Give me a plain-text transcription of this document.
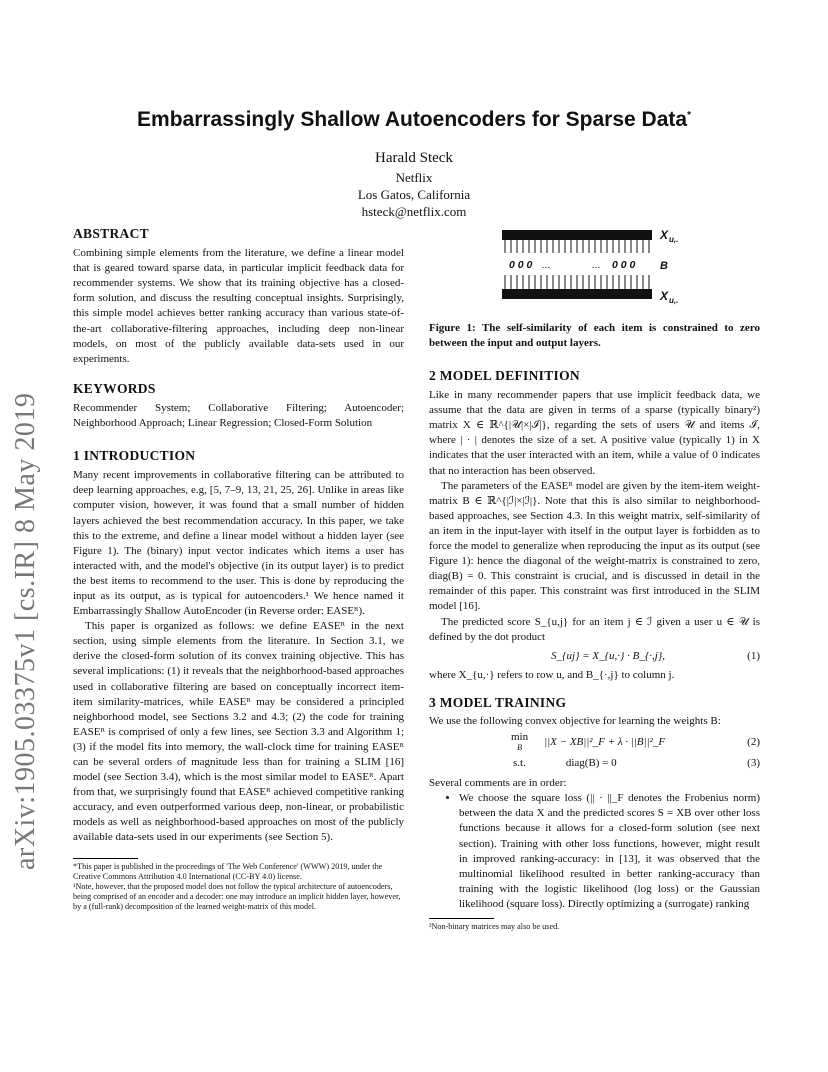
arXiv:1905.03375v1 [cs.IR] 8 May 2019
Embarrassingly Shallow Autoencoders for Sparse Data*
Harald Steck
Netflix
Los Gatos, California
hsteck@netflix.com
ABSTRACT

Combining simple elements from the literature, we define a linear model that is geared toward sparse data, in particular implicit feedback data for recommender systems. We show that its training objective has a closed-form solution, and discuss the resulting conceptual insights. Surprisingly, this simple model achieves better ranking accuracy than various state-of-the-art collaborative-filtering approaches, including deep non-linear models, on most of the publicly available data-sets used in our experiments.

KEYWORDS

Recommender System; Collaborative Filtering; Autoencoder; Neighborhood Approach; Linear Regression; Closed-Form Solution

1 INTRODUCTION

Many recent improvements in collaborative filtering can be attributed to deep learning approaches, e.g, [5, 7–9, 13, 21, 25, 26]. Unlike in areas like computer vision, however, it was found that a small number of hidden layers achieved the best recommendation accuracy. In this paper, we take this to the extreme, and define a linear model without a hidden layer (see Figure 1). The (binary) input vector indicates which items a user has interacted with, and the model's objective (in its output layer) is to predict the best items to recommend to the user. This is done by reproducing the input as its output, as is typical for autoencoders.¹ We hence named it Embarrassingly Shallow AutoEncoder (in Reverse order: EASEᴿ).

This paper is organized as follows: we define EASEᴿ in the next section, using simple elements from the literature. In Section 3.1, we derive the closed-form solution of its convex training objective. This has several implications: (1) it reveals that the neighborhood-based approaches used in collaborative filtering are based on conceptually incorrect item-item similarity-matrices, while EASEᴿ may be considered a principled neighborhood model, see Sections 3.2 and 4.3; (2) the code for training EASEᴿ is comprised of only a few lines, see Section 3.3 and Algorithm 1; (3) if the model fits into memory, the wall-clock time for training EASEᴿ can be several orders of magnitude less than for training a SLIM [16] model (see Section 3.4), which is the most similar model to EASEᴿ. Apart from that, we surprisingly found that EASEᴿ achieved competitive ranking accuracy, and even outperformed various deep, non-linear, or probabilistic models as well as neighborhood-based approaches on most of the publicly available data-sets used in our experiments (see Section 5).

*This paper is published in the proceedings of 'The Web Conference' (WWW) 2019, under the Creative Commons Attribution 4.0 International (CC-BY 4.0) license.

¹Note, however, that the proposed model does not follow the typical architecture of autoencoders, being comprised of an encoder and a decoder: one may introduce an implicit hidden layer, however, by a (full-rank) decomposition of the learned weight-matrix of this model.

0 0 0 ...	... 0 0 0
X u,.
B
X u,.

Figure 1: The self-similarity of each item is constrained to zero between the input and output layers.

2 MODEL DEFINITION

Like in many recommender papers that use implicit feedback data, we assume that the data are given in terms of a sparse (typically binary²) matrix X ∈ ℝ^{|𝒰|×|ℐ|}, regarding the sets of users 𝒰 and items ℐ, where | · | denotes the size of a set. A positive value (typically 1) in X indicates that the user interacted with an item, while a value of 0 indicates that no interaction has been observed.

The parameters of the EASEᴿ model are given by the item-item weight-matrix B ∈ ℝ^{|ℐ|×|ℐ|}. Note that this is also similar to neighborhood-based approaches, see Section 4.3. In this weight matrix, self-similarity of an item in the input-layer with itself in the output layer is forbidden as to force the model to generalize when reproducing the input as its output (see Figure 1): hence the diagonal of the weight-matrix is constrained to zero, diag(B) = 0. This constraint is crucial, and is discussed in detail in the remainder of this paper. This constraint was first introduced in the SLIM model [16].

The predicted score S_{u,j} for an item j ∈ ℐ given a user u ∈ 𝒰 is defined by the dot product

S_{uj} = X_{u,·} · B_{·,j},	(1)

where X_{u,·} refers to row u, and B_{·,j} to column j.

3 MODEL TRAINING

We use the following convex objective for learning the weights B:

min
B	||X − XB||²_F + λ · ||B||²_F	(2)
s.t.	diag(B) = 0	(3)

Several comments are in order:

• We choose the square loss (|| · ||_F denotes the Frobenius norm) between the data X and the predicted scores S = XB over other loss functions because it allows for a closed-form solution (see next section). Training with other loss functions, however, might result in improved ranking-accuracy: in [13], it was observed that the multinomial likelihood resulted in better ranking-accuracy than training with the logistic likelihood (log loss) or the Gaussian likelihood (square loss). Directly optimizing a (surrogate) ranking

²Non-binary matrices may also be used.
